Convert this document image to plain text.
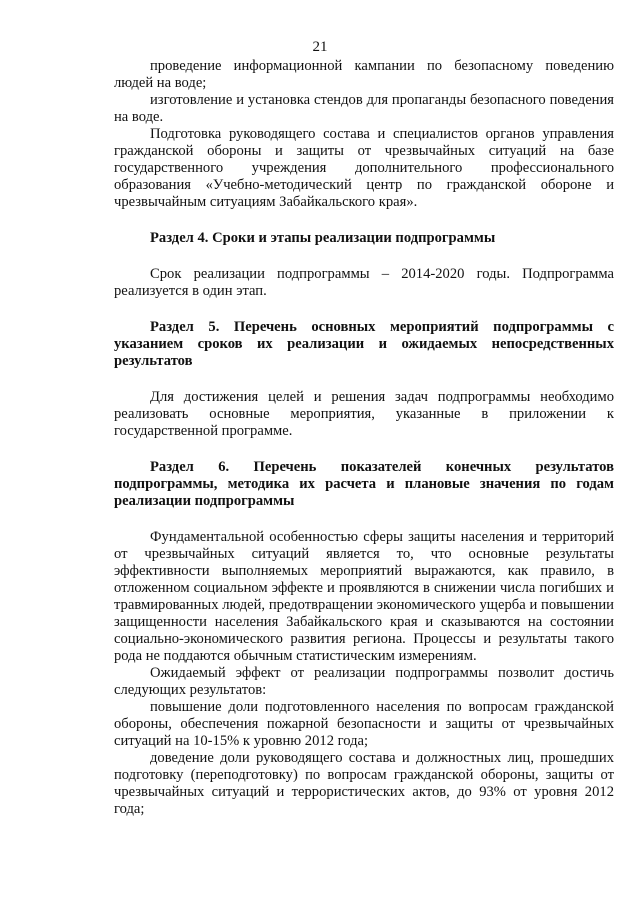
21

проведение информационной кампании по безопасному поведению людей на воде;

изготовление и установка стендов для пропаганды безопасного поведения на воде.

Подготовка руководящего состава и специалистов органов управления гражданской обороны и защиты от чрезвычайных ситуаций на базе государственного учреждения дополнительного профессионального образования «Учебно-методический центр по гражданской обороне и чрезвычайным ситуациям Забайкальского края».

Раздел 4. Сроки и этапы реализации подпрограммы

Срок реализации подпрограммы – 2014-2020 годы. Подпрограмма реализуется в один этап.

Раздел 5. Перечень основных мероприятий подпрограммы с указанием сроков их реализации и ожидаемых непосредственных результатов

Для достижения целей и решения задач подпрограммы необходимо реализовать основные мероприятия, указанные в приложении к государственной программе.

Раздел 6. Перечень показателей конечных результатов подпрограммы, методика их расчета и плановые значения по годам реализации подпрограммы

Фундаментальной особенностью сферы защиты населения и территорий от чрезвычайных ситуаций является то, что основные результаты эффективности выполняемых мероприятий выражаются, как правило, в отложенном социальном эффекте и проявляются в снижении числа погибших и травмированных людей, предотвращении экономического ущерба и повышении защищенности населения Забайкальского края и сказываются на состоянии социально-экономического развития региона. Процессы и результаты такого рода не поддаются обычным статистическим измерениям.

Ожидаемый эффект от реализации подпрограммы позволит достичь следующих результатов:

повышение доли подготовленного населения по вопросам гражданской обороны, обеспечения пожарной безопасности и защиты от чрезвычайных ситуаций на 10-15% к уровню 2012 года;

доведение доли руководящего состава и должностных лиц, прошедших подготовку (переподготовку) по вопросам гражданской обороны, защиты от чрезвычайных ситуаций и террористических актов, до 93% от уровня 2012 года;
